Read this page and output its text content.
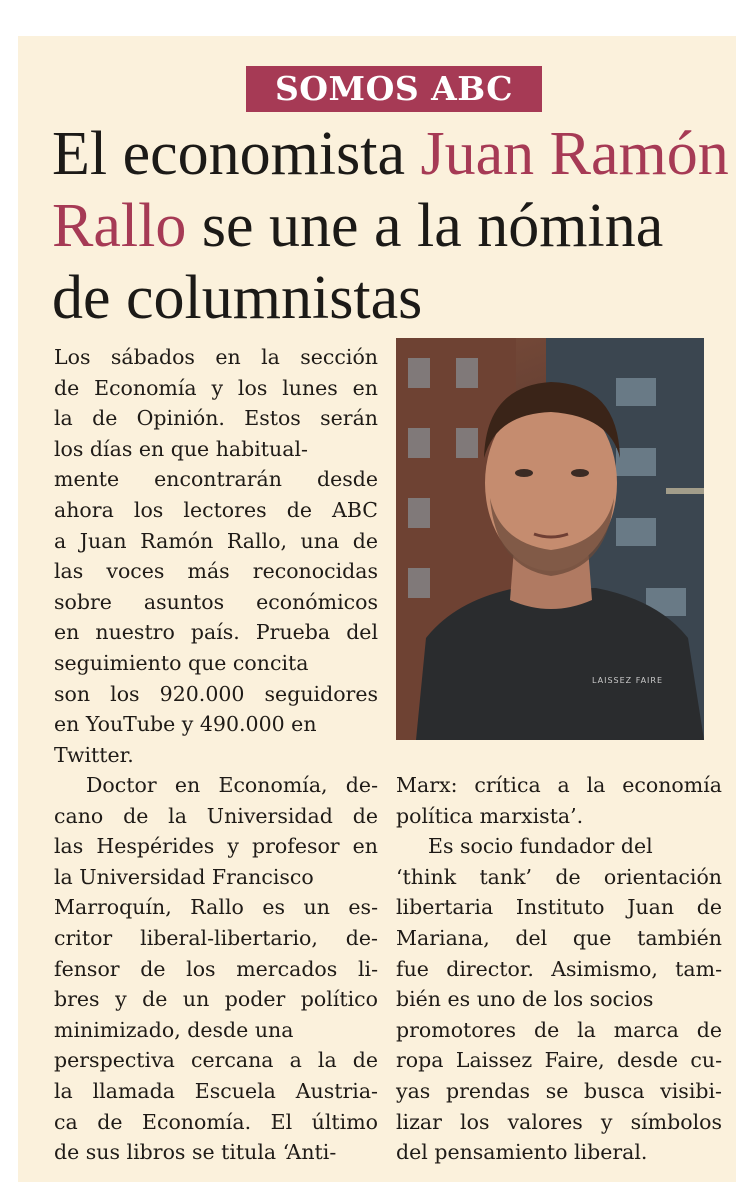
SOMOS ABC
El economista Juan Ramón Rallo se une a la nómina de columnistas

Los sábados en la sección
de Economía y los lunes en
la de Opinión. Estos serán
los días en que habitual-
mente encontrarán desde
ahora los lectores de ABC
a Juan Ramón Rallo, una de
las voces más reconocidas
sobre asuntos económicos
en nuestro país. Prueba del
seguimiento que concita
son los 920.000 seguidores
en YouTube y 490.000 en
Twitter.

LAISSEZ FAIRE

Doctor en Economía, de-
cano de la Universidad de
las Hespérides y profesor en
la Universidad Francisco
Marroquín, Rallo es un es-
critor liberal-libertario, de-
fensor de los mercados li-
bres y de un poder político
minimizado, desde una
perspectiva cercana a la de
la llamada Escuela Austria-
ca de Economía. El último
de sus libros se titula ‘Anti-

Marx: crítica a la economía
política marxista’.

Es socio fundador del
‘think tank’ de orientación
libertaria Instituto Juan de
Mariana, del que también
fue director. Asimismo, tam-
bién es uno de los socios
promotores de la marca de
ropa Laissez Faire, desde cu-
yas prendas se busca visibi-
lizar los valores y símbolos
del pensamiento liberal.
